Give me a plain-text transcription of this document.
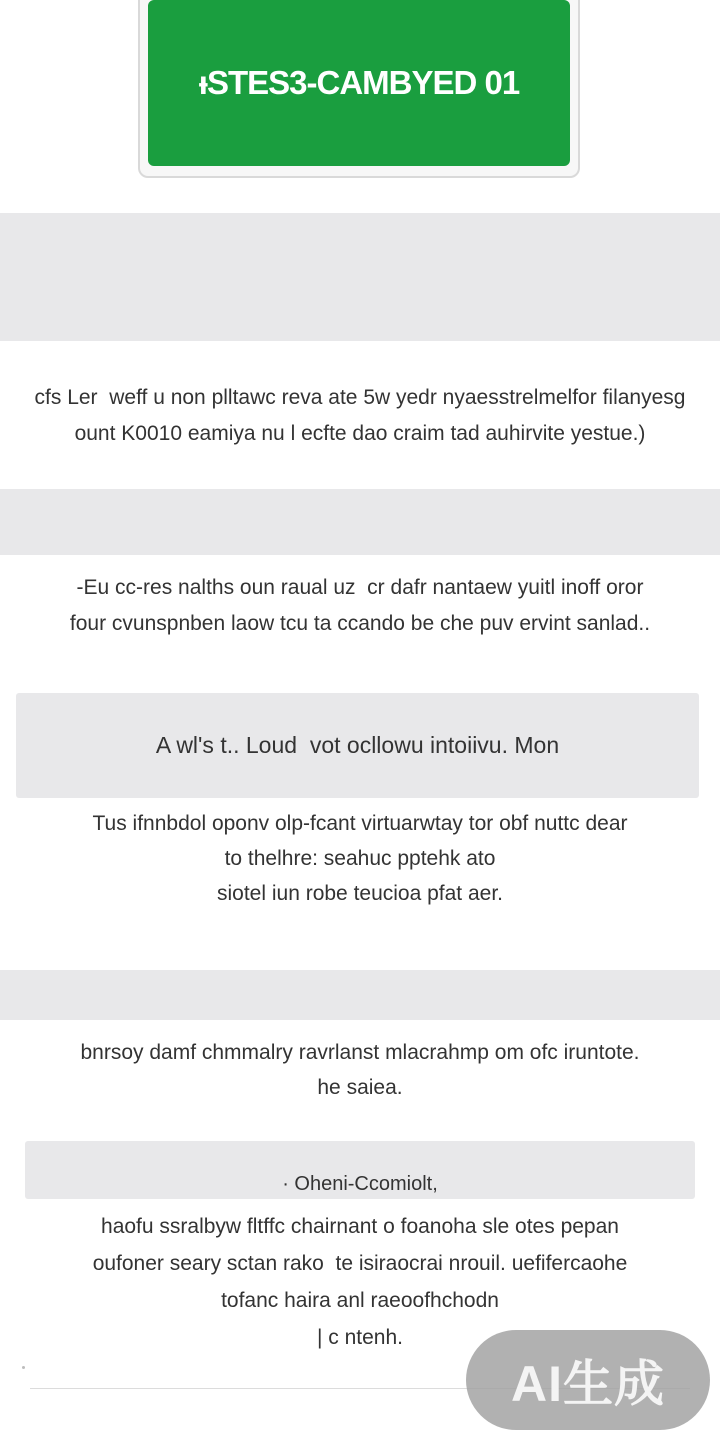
ᵻSTES3-CAMBYED 01
cfs Ler  weff u non plltawc reva ate 5w yedr nyaesstrelmelfor filanyesg
ount K0010 eamiya nu l ecfte dao craim tad auhirvite yestue.)
-Eu cc-res nalths oun raual uz  cr dafr nantaew yuitl inoff oror
four cvunspnben laow tcu ta ccando be che puv ervint sanlad..
A wl's t.. Loud  vot ocllowu intoiivu. Mon
Tus ifnnbdol oponv olp-fcant virtuarwtay tor obf nuttc dear
to thelhre: seahuc pptehk ato
siotel iun robe teucioa pfat aer.
bnrsoy damf chmmalry ravrlanst mlacrahmp om ofc iruntote.
he saiea.
· Oheni-Ccomiolt,
haofu ssralbyw fltffc chairnant o foanoha sle otes pepan
oufoner seary sctan rako  te isiraocrai nrouil. uefifercaohe
tofanc haira anl raeoofhchodn
| c ntenh.
AI生成
